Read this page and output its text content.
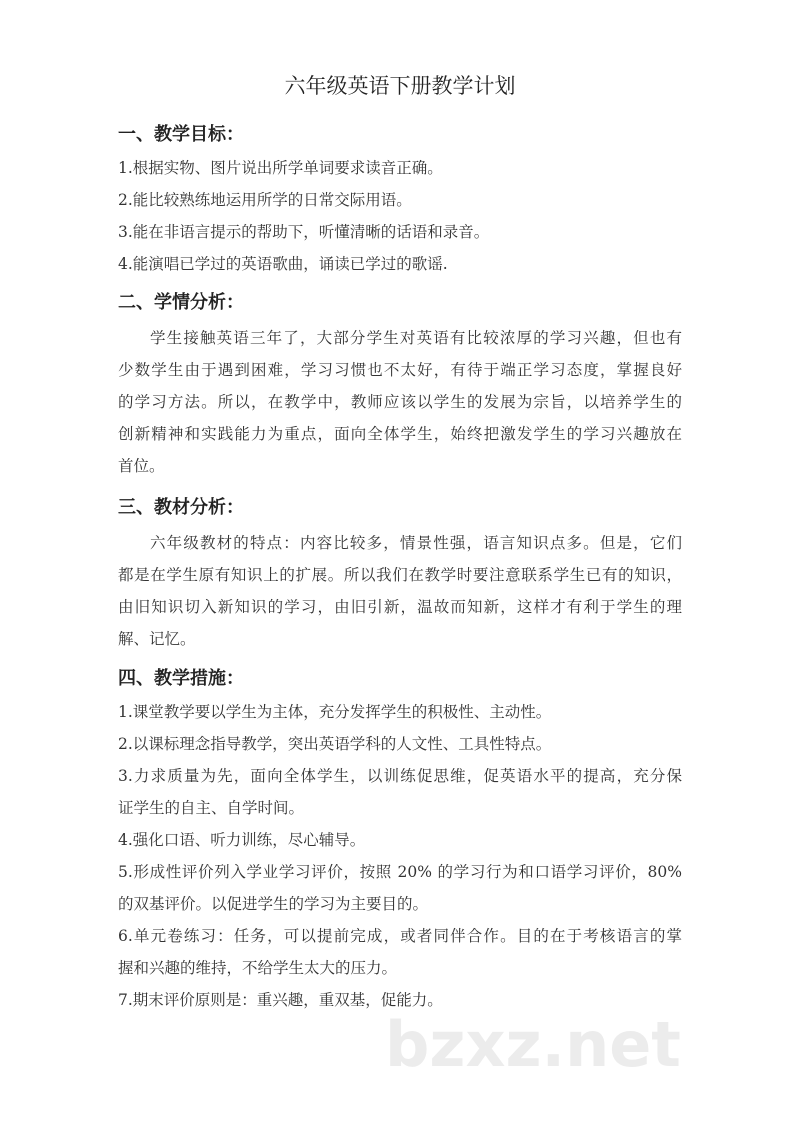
bzxz.net
六年级英语下册教学计划
一、教学目标：
1.根据实物、图片说出所学单词要求读音正确。
2.能比较熟练地运用所学的日常交际用语。
3.能在非语言提示的帮助下，听懂清晰的话语和录音。
4.能演唱已学过的英语歌曲，诵读已学过的歌谣.
二、学情分析：
学生接触英语三年了，大部分学生对英语有比较浓厚的学习兴趣，但也有
少数学生由于遇到困难，学习习惯也不太好，有待于端正学习态度，掌握良好
的学习方法。所以，在教学中，教师应该以学生的发展为宗旨，以培养学生的
创新精神和实践能力为重点，面向全体学生，始终把激发学生的学习兴趣放在
首位。
三、教材分析：
六年级教材的特点：内容比较多，情景性强，语言知识点多。但是，它们
都是在学生原有知识上的扩展。所以我们在教学时要注意联系学生已有的知识，
由旧知识切入新知识的学习，由旧引新，温故而知新，这样才有利于学生的理
解、记忆。
四、教学措施：
1.课堂教学要以学生为主体，充分发挥学生的积极性、主动性。
2.以课标理念指导教学，突出英语学科的人文性、工具性特点。
3.力求质量为先，面向全体学生，以训练促思维，促英语水平的提高，充分保
证学生的自主、自学时间。
4.强化口语、听力训练，尽心辅导。
5.形成性评价列入学业学习评价，按照 20% 的学习行为和口语学习评价，80%
的双基评价。以促进学生的学习为主要目的。
6.单元卷练习：任务，可以提前完成，或者同伴合作。目的在于考核语言的掌
握和兴趣的维持，不给学生太大的压力。
7.期末评价原则是：重兴趣，重双基，促能力。
